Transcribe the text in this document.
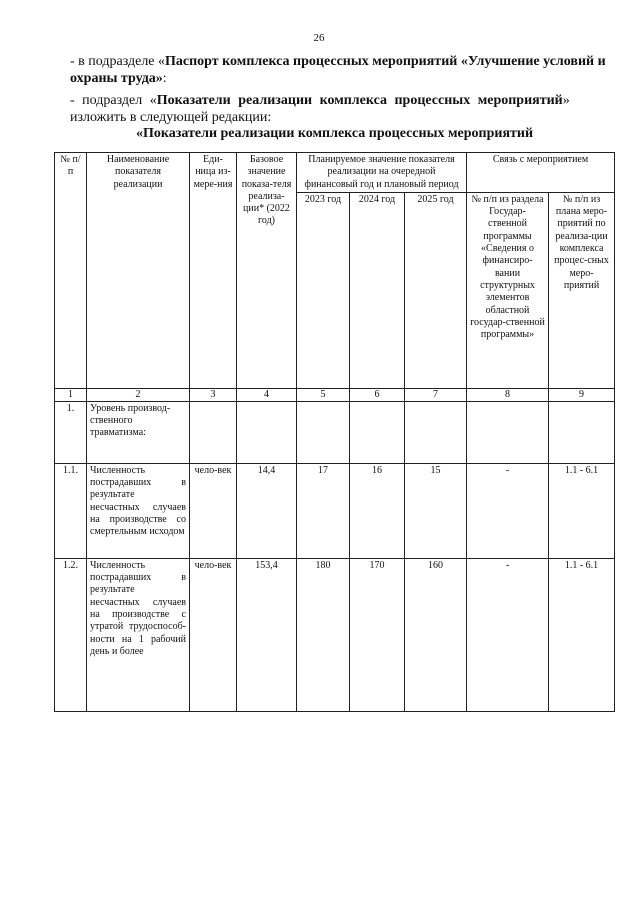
26
- в подразделе «Паспорт комплекса процессных мероприятий «Улучшение условий и охраны труда»:
- подраздел «Показатели реализации комплекса процессных мероприятий» изложить в следующей редакции:
«Показатели реализации комплекса процессных мероприятий
№ п/п	Наименование показателя реализации	Еди-ница из-мере-ния	Базовое значение показа-теля реализа-ции* (2022 год)	Планируемое значение показателя реализации на очередной финансовый год и плановый период			Связь с мероприятием	
				2023 год	2024 год	2025 год	№ п/п из раздела Государ-ственной программы «Сведения о финансиро-вании структурных элементов областной государ-ственной программы»	№ п/п из плана меро-приятий по реализа-ции комплекса процес-сных меро-приятий
1	2	3	4	5	6	7	8	9
1.	Уровень производ-ственного травматизма:							
1.1.	Численность пострадавших в результате несчастных случаев на производстве со смертельным исходом	чело-век	14,4	17	16	15	-	1.1 - 6.1
1.2.	Численность пострадавших в результате несчастных случаев на производстве с утратой трудоспособ-ности на 1 рабочий день и более	чело-век	153,4	180	170	160	-	1.1 - 6.1
